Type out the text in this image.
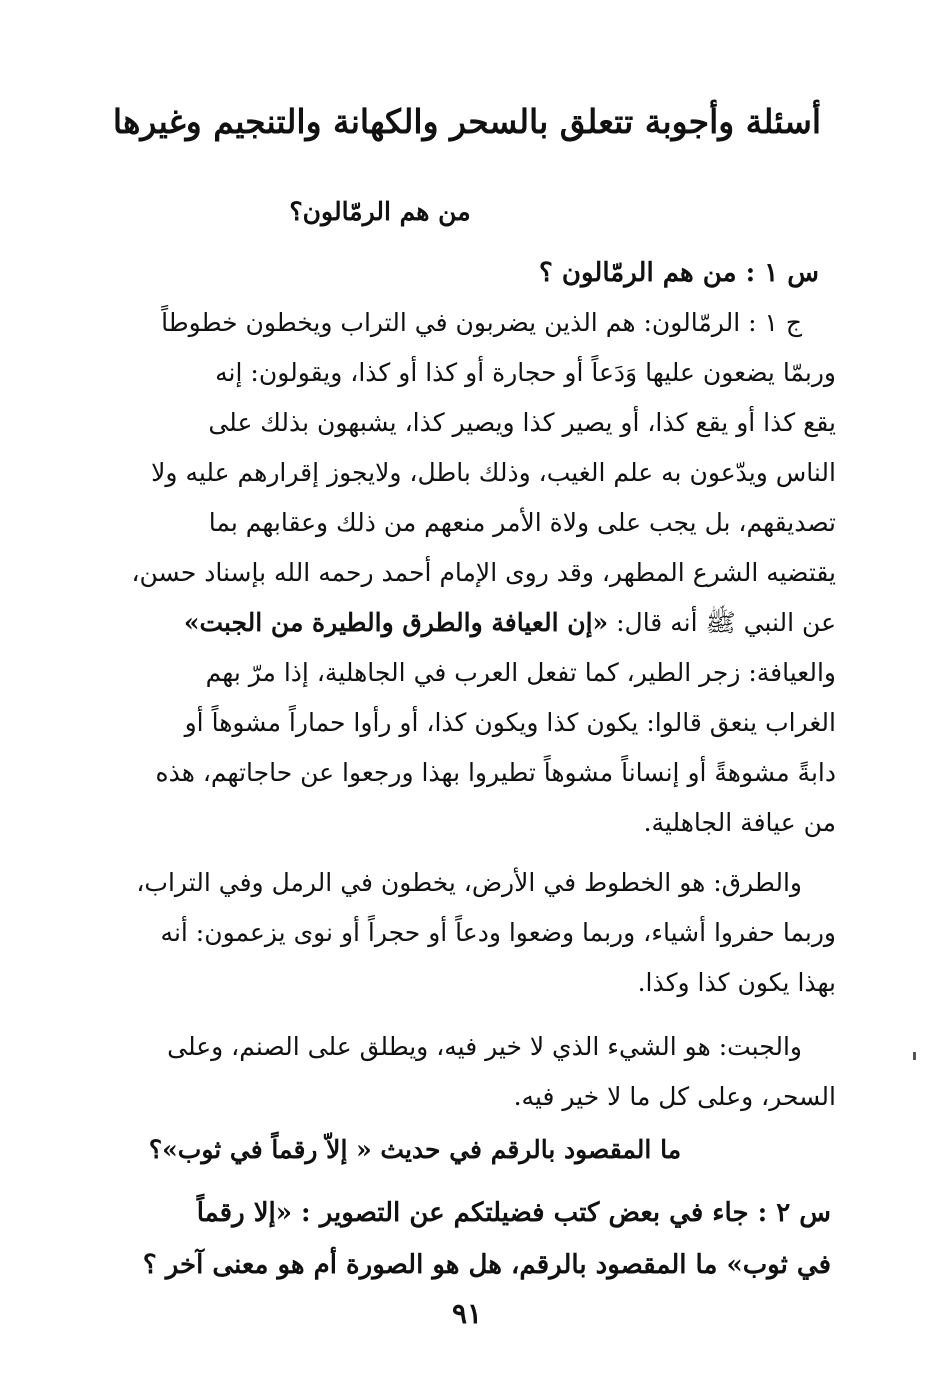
أسئلة وأجوبة تتعلق بالسحر والكهانة والتنجيم وغيرها
من هم الرمّالون؟
س ١ : من هم الرمّالون ؟
ج ١ : الرمّالون: هم الذين يضربون في التراب ويخطون خطوطاً
وربمّا يضعون عليها وَدَعاً أو حجارة أو كذا أو كذا، ويقولون: إنه
يقع كذا أو يقع كذا، أو يصير كذا ويصير كذا، يشبهون بذلك على
الناس ويدّعون به علم الغيب، وذلك باطل، ولايجوز إقرارهم عليه ولا
تصديقهم، بل يجب على ولاة الأمر منعهم من ذلك وعقابهم بما
يقتضيه الشرع المطهر، وقد روى الإمام أحمد رحمه الله بإسناد حسن،
عن النبي ﷺ أنه قال: «إن العيافة والطرق والطيرة من الجبت»
والعيافة: زجر الطير، كما تفعل العرب في الجاهلية، إذا مرّ بهم
الغراب ينعق قالوا: يكون كذا ويكون كذا، أو رأوا حماراً مشوهاً أو
دابةً مشوهةً أو إنساناً مشوهاً تطيروا بهذا ورجعوا عن حاجاتهم، هذه
من عيافة الجاهلية.
والطرق: هو الخطوط في الأرض، يخطون في الرمل وفي التراب،
وربما حفروا أشياء، وربما وضعوا ودعاً أو حجراً أو نوى يزعمون: أنه
بهذا يكون كذا وكذا.
والجبت: هو الشيء الذي لا خير فيه، ويطلق على الصنم، وعلى
السحر، وعلى كل ما لا خير فيه.
ما المقصود بالرقم في حديث « إلاّ رقماً في ثوب»؟
س ٢ : جاء في بعض كتب فضيلتكم عن التصوير : «إلا رقماً
في ثوب» ما المقصود بالرقم، هل هو الصورة أم هو معنى آخر ؟
٩١
